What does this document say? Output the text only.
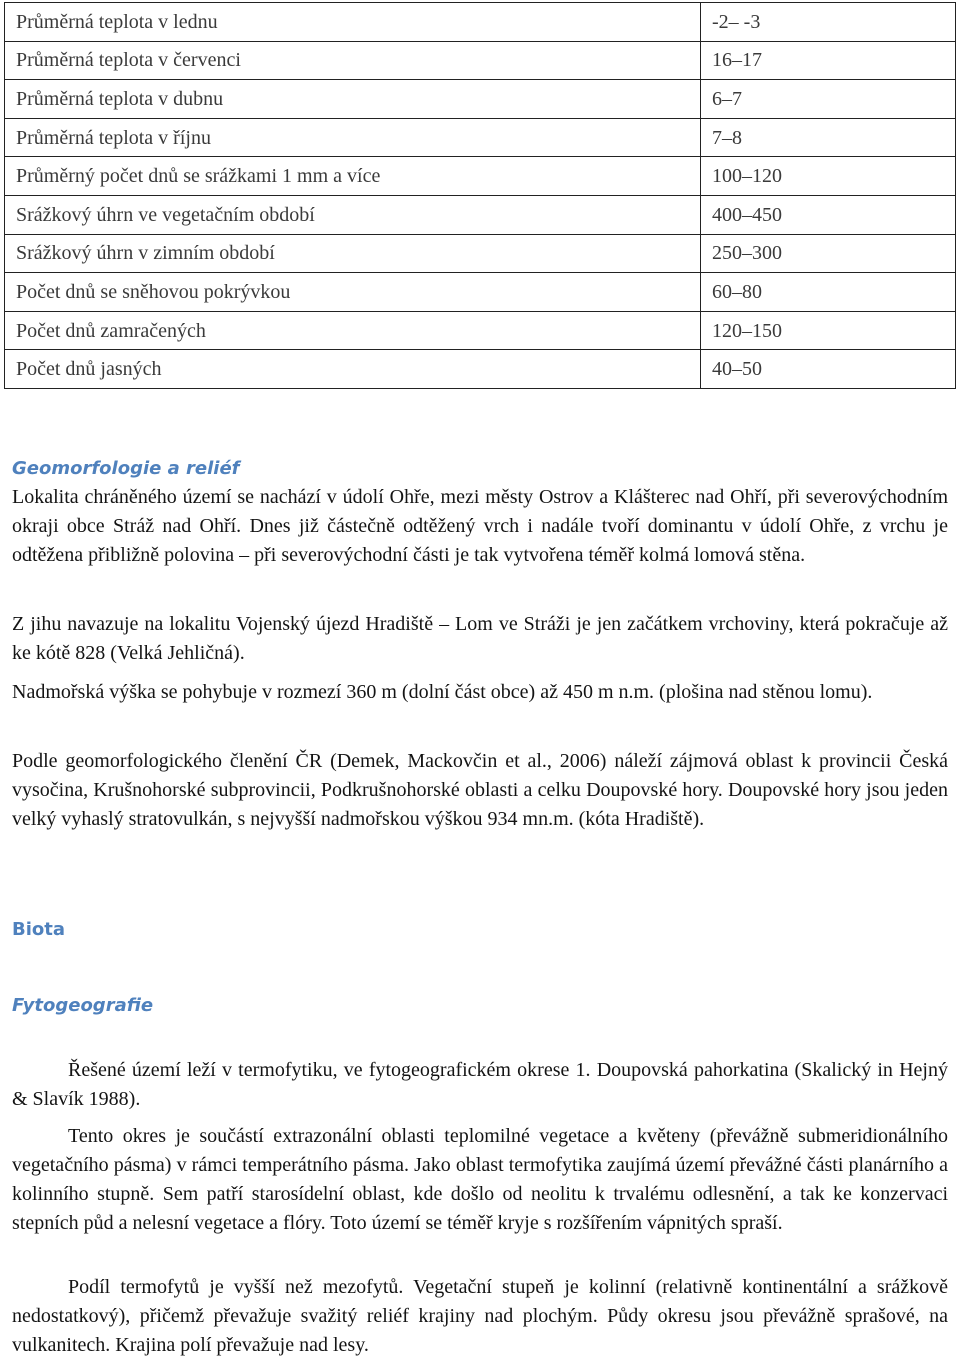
Průměrná teplota v lednu	-2– -3
Průměrná teplota v červenci	16–17
Průměrná teplota v dubnu	6–7
Průměrná teplota v říjnu	7–8
Průměrný počet dnů se srážkami 1 mm a více	100–120
Srážkový úhrn ve vegetačním období	400–450
Srážkový úhrn v zimním období	250–300
Počet dnů se sněhovou pokrývkou	60–80
Počet dnů zamračených	120–150
Počet dnů jasných	40–50
Geomorfologie a reliéf

Lokalita chráněného území se nachází v údolí Ohře, mezi městy Ostrov a Klášterec nad Ohří, při severovýchodním okraji obce Stráž nad Ohří. Dnes již částečně odtěžený vrch i nadále tvoří dominantu v údolí Ohře, z vrchu je odtěžena přibližně polovina – při severovýchodní části je tak vytvořena téměř kolmá lomová stěna.

Z jihu navazuje na lokalitu Vojenský újezd Hradiště – Lom ve Stráži je jen začátkem vrchoviny, která pokračuje až ke kótě 828 (Velká Jehličná).

Nadmořská výška se pohybuje v rozmezí 360 m (dolní část obce) až 450 m n.m. (plošina nad stěnou lomu).

Podle geomorfologického členění ČR (Demek, Mackovčin et al., 2006) náleží zájmová oblast k provincii Česká vysočina, Krušnohorské subprovincii, Podkrušnohorské oblasti a celku Doupovské hory. Doupovské hory jsou jeden velký vyhaslý stratovulkán, s nejvyšší nadmořskou výškou 934 mn.m. (kóta Hradiště).

Biota
Fytogeografie

Řešené území leží v termofytiku, ve fytogeografickém okrese 1. Doupovská pahorkatina (Skalický in Hejný & Slavík 1988).

Tento okres je součástí extrazonální oblasti teplomilné vegetace a květeny (převážně submeridionálního vegetačního pásma) v rámci temperátního pásma. Jako oblast termofytika zaujímá území převážné části planárního a kolinního stupně. Sem patří starosídelní oblast, kde došlo od neolitu k trvalému odlesnění, a tak ke konzervaci stepních půd a nelesní vegetace a flóry. Toto území se téměř kryje s rozšířením vápnitých spraší.

Podíl termofytů je vyšší než mezofytů. Vegetační stupeň je kolinní (relativně kontinentální a srážkově nedostatkový), přičemž převažuje svažitý reliéf krajiny nad plochým. Půdy okresu jsou převážně sprašové, na vulkanitech. Krajina polí převažuje nad lesy.
